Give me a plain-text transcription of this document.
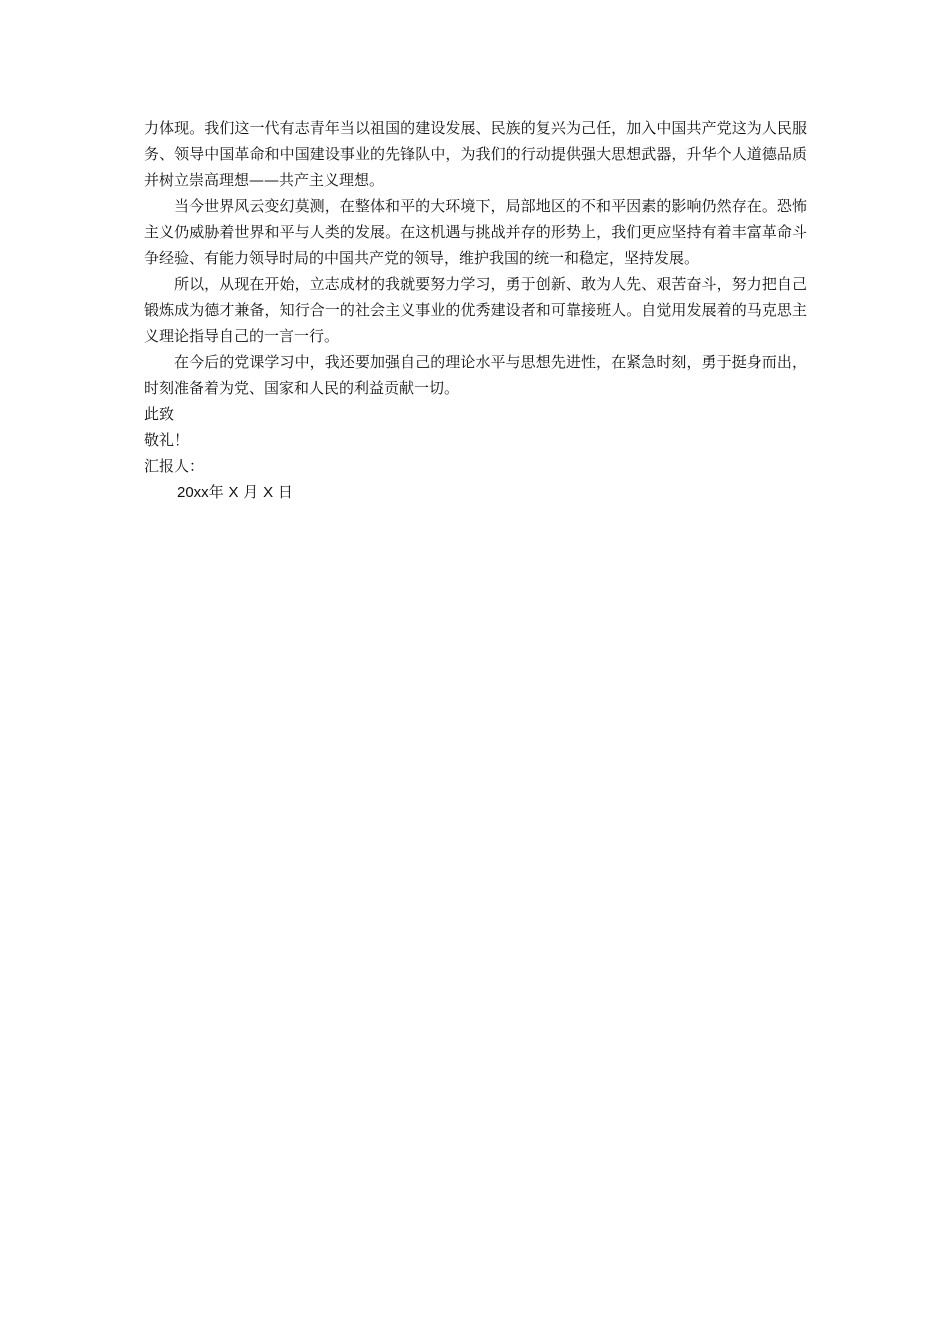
力体现。我们这一代有志青年当以祖国的建设发展、民族的复兴为己任，加入中国共产党这为人民服务、领导中国革命和中国建设事业的先锋队中，为我们的行动提供强大思想武器，升华个人道德品质并树立崇高理想——共产主义理想。

当今世界风云变幻莫测，在整体和平的大环境下，局部地区的不和平因素的影响仍然存在。恐怖主义仍威胁着世界和平与人类的发展。在这机遇与挑战并存的形势上，我们更应坚持有着丰富革命斗争经验、有能力领导时局的中国共产党的领导，维护我国的统一和稳定，坚持发展。

所以，从现在开始，立志成材的我就要努力学习，勇于创新、敢为人先、艰苦奋斗，努力把自己锻炼成为德才兼备，知行合一的社会主义事业的优秀建设者和可靠接班人。自觉用发展着的马克思主义理论指导自己的一言一行。

在今后的党课学习中，我还要加强自己的理论水平与思想先进性，在紧急时刻，勇于挺身而出，时刻准备着为党、国家和人民的利益贡献一切。

此致

敬礼！

汇报人：

20xx年 X 月 X 日
